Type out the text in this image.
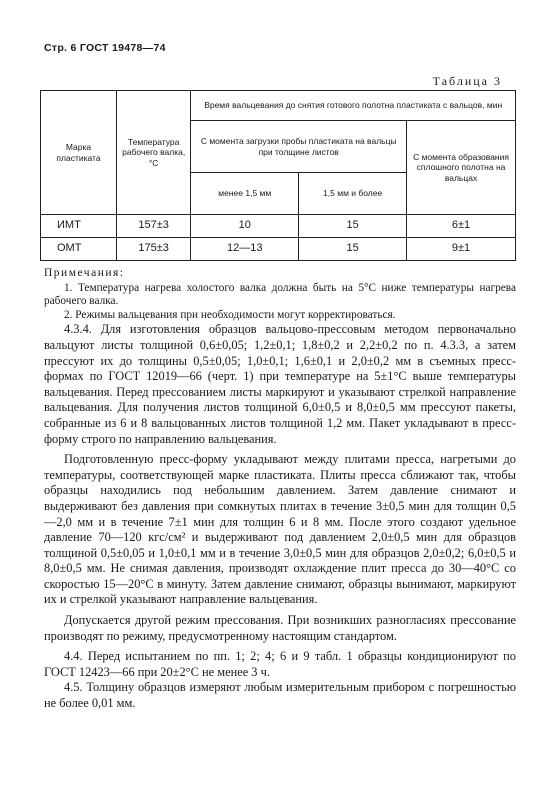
Стр. 6 ГОСТ 19478—74
Таблица 3
Марка пластиката	Температура рабочего валка, °С	Время вальцевания до снятия готового полотна пластиката с вальцов, мин		
		С момента загрузки пробы пластиката на вальцы при толщине листов		С момента образования сплошного полотна на вальцах
		менее 1,5 мм	1,5 мм и более	
ИМТ	157±3	10	15	6±1
ОМТ	175±3	12—13	15	9±1
Примечания:
1. Температура нагрева холостого валка должна быть на 5°С ниже температуры нагрева рабочего валка.
2. Режимы вальцевания при необходимости могут корректироваться.

4.3.4. Для изготовления образцов вальцово-прессовым методом первоначально вальцуют листы толщиной 0,6±0,05; 1,2±0,1; 1,8±0,2 и 2,2±0,2 по п. 4.3.3, а затем прессуют их до толщины 0,5±0,05; 1,0±0,1; 1,6±0,1 и 2,0±0,2 мм в съемных пресс-формах по ГОСТ 12019—66 (черт. 1) при температуре на 5±1°С выше температуры вальцевания. Перед прессованием листы маркируют и указывают стрелкой направление вальцевания. Для получения листов толщиной 6,0±0,5 и 8,0±0,5 мм прессуют пакеты, собранные из 6 и 8 вальцованных листов толщиной 1,2 мм. Пакет укладывают в пресс-форму строго по направлению вальцевания.

Подготовленную пресс-форму укладывают между плитами пресса, нагретыми до температуры, соответствующей марке пластиката. Плиты пресса сближают так, чтобы образцы находились под небольшим давлением. Затем давление снимают и выдерживают без давления при сомкнутых плитах в течение 3±0,5 мин для толщин 0,5—2,0 мм и в течение 7±1 мин для толщин 6 и 8 мм. После этого создают удельное давление 70—120 кгс/см² и выдерживают под давлением 2,0±0,5 мин для образцов толщиной 0,5±0,05 и 1,0±0,1 мм и в течение 3,0±0,5 мин для образцов 2,0±0,2; 6,0±0,5 и 8,0±0,5 мм. Не снимая давления, производят охлаждение плит пресса до 30—40°С со скоростью 15—20°С в минуту. Затем давление снимают, образцы вынимают, маркируют их и стрелкой указывают направление вальцевания.

Допускается другой режим прессования. При возникших разногласиях прессование производят по режиму, предусмотренному настоящим стандартом.

4.4. Перед испытанием по пп. 1; 2; 4; 6 и 9 табл. 1 образцы кондиционируют по ГОСТ 12423—66 при 20±2°С не менее 3 ч.

4.5. Толщину образцов измеряют любым измерительным прибором с погрешностью не более 0,01 мм.
